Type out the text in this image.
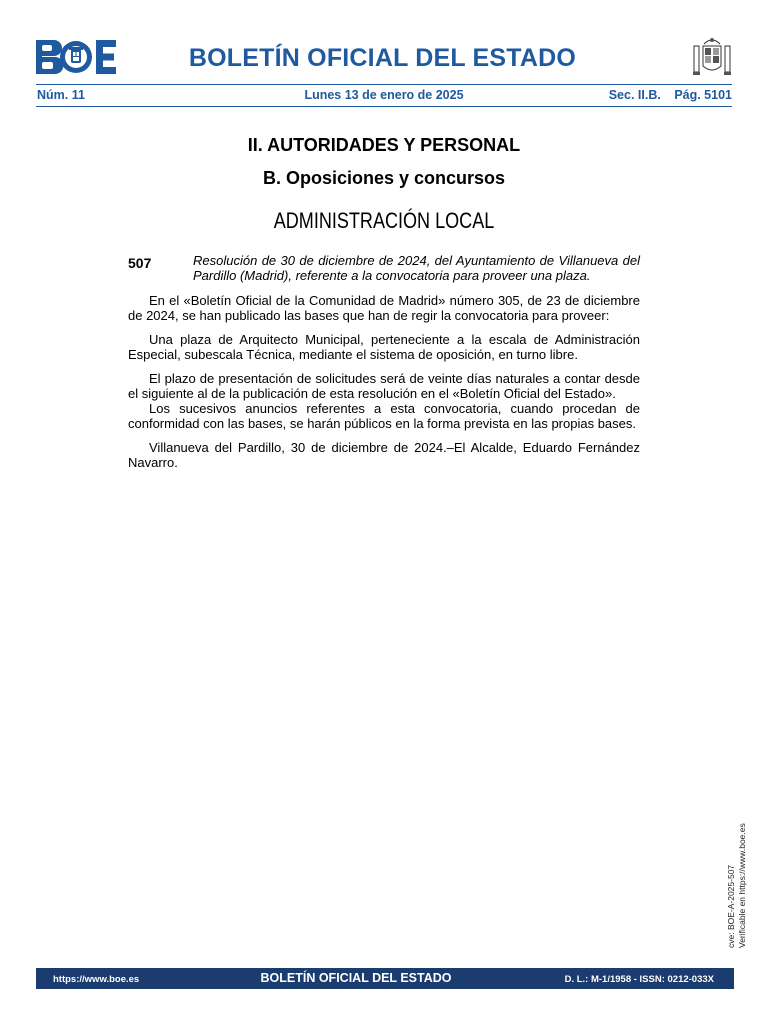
BOLETÍN OFICIAL DEL ESTADO
Núm. 11	Lunes 13 de enero de 2025	Sec. II.B. Pág. 5101
II. AUTORIDADES Y PERSONAL
B. Oposiciones y concursos
ADMINISTRACIÓN LOCAL
507	Resolución de 30 de diciembre de 2024, del Ayuntamiento de Villanueva del Pardillo (Madrid), referente a la convocatoria para proveer una plaza.

En el «Boletín Oficial de la Comunidad de Madrid» número 305, de 23 de diciembre de 2024, se han publicado las bases que han de regir la convocatoria para proveer:

Una plaza de Arquitecto Municipal, perteneciente a la escala de Administración Especial, subescala Técnica, mediante el sistema de oposición, en turno libre.

El plazo de presentación de solicitudes será de veinte días naturales a contar desde el siguiente al de la publicación de esta resolución en el «Boletín Oficial del Estado».

Los sucesivos anuncios referentes a esta convocatoria, cuando procedan de conformidad con las bases, se harán públicos en la forma prevista en las propias bases.

Villanueva del Pardillo, 30 de diciembre de 2024.–El Alcalde, Eduardo Fernández Navarro.

cve: BOE-A-2025-507 Verificable en https://www.boe.es
https://www.boe.es	BOLETÍN OFICIAL DEL ESTADO	D. L.: M-1/1958 - ISSN: 0212-033X
